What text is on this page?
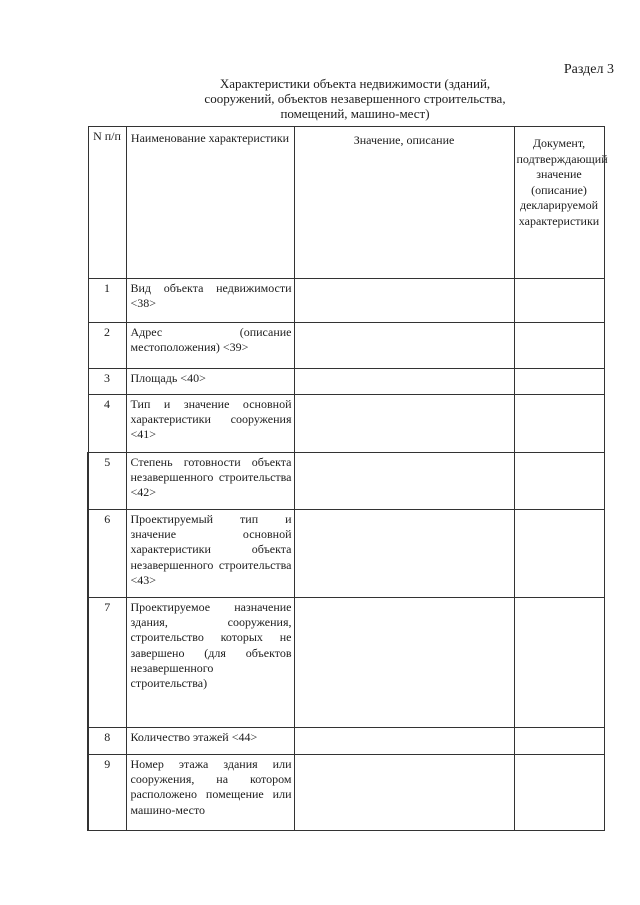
Раздел 3
Характеристики объекта недвижимости (зданий,
сооружений, объектов незавершенного строительства,
помещений, машино-мест)
N п/п	Наименование характеристики	Значение, описание	Документ, подтверждающий значение (описание) декларируемой характеристики
1	Вид объекта недвижимости <38>		
2	Адрес (описание местоположения) <39>		
3	Площадь <40>		
4	Тип и значение основной характеристики сооружения <41>		
5	Степень готовности объекта незавершенного строительства <42>		
6	Проектируемый тип и значение основной характеристики объекта незавершенного строительства <43>		
7	Проектируемое назначение здания, сооружения, строительство которых не завершено (для объектов незавершенного строительства)		
8	Количество этажей <44>		
9	Номер этажа здания или сооружения, на котором расположено помещение или машино-место		
